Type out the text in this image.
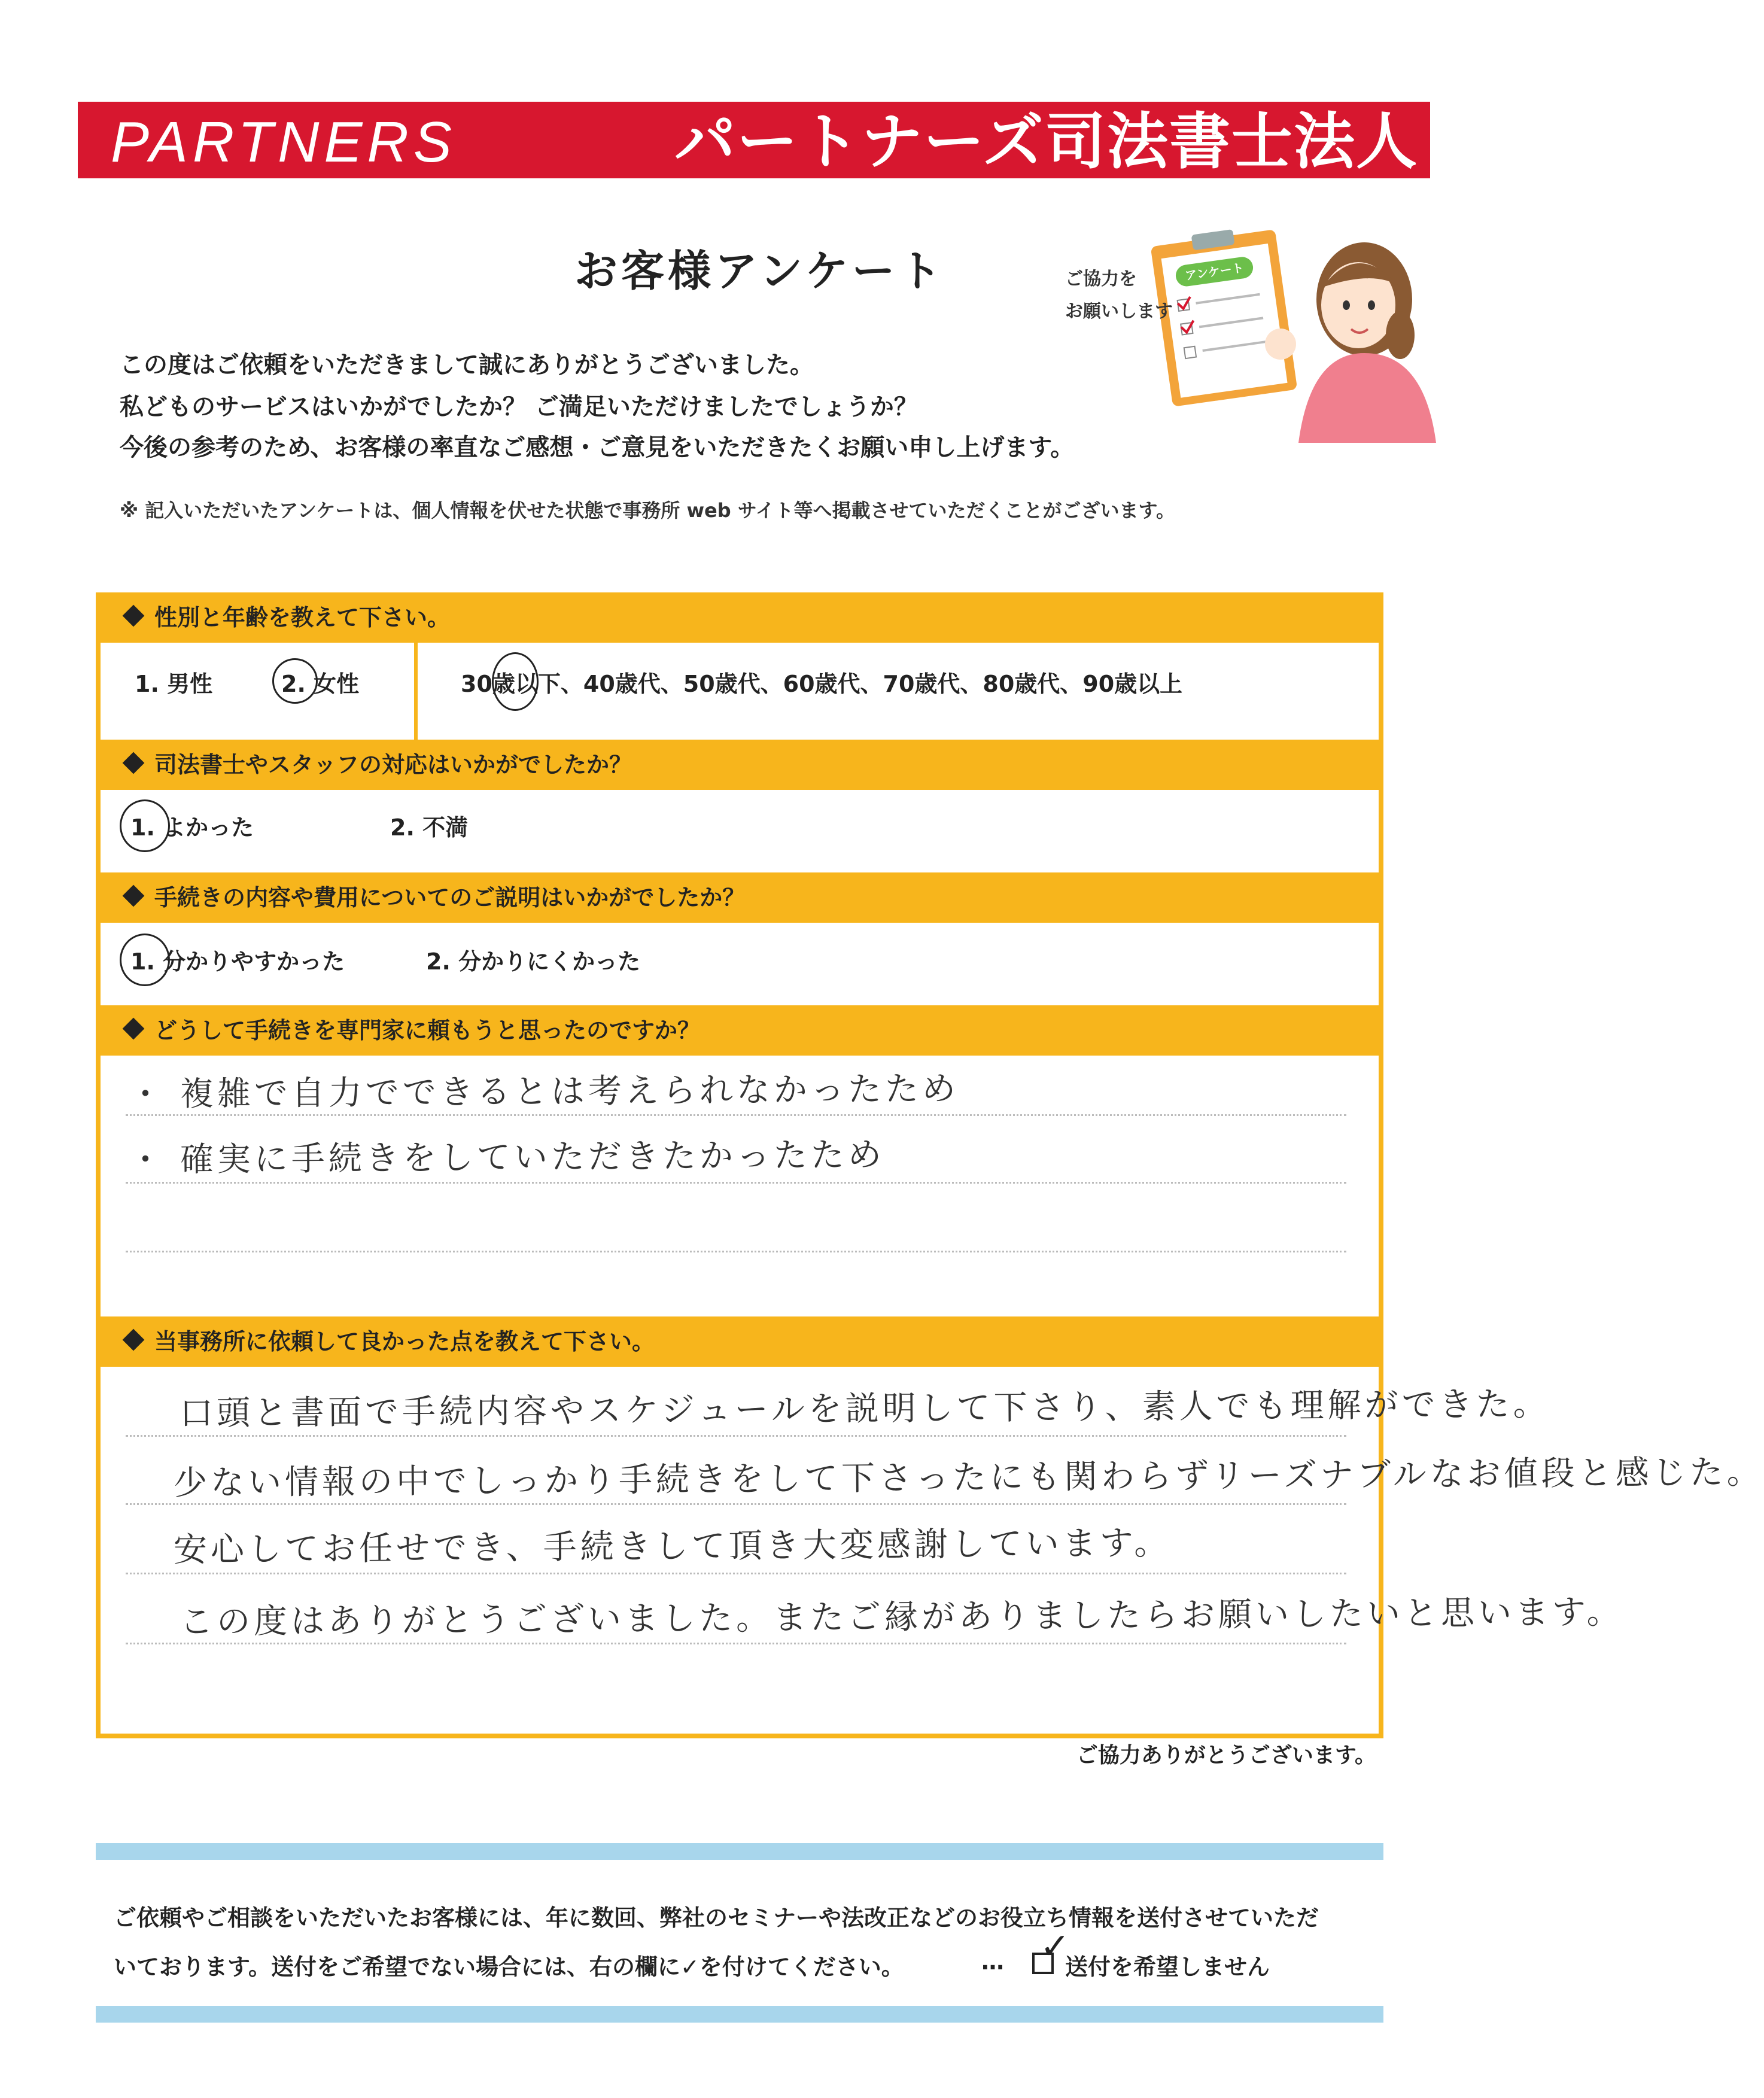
PARTNERS	パートナーズ司法書士法人
お客様アンケート	アンケート
ご協力を
お願いします
この度はご依頼をいただきまして誠にありがとうございました。
私どものサービスはいかがでしたか？ ご満足いただけましたでしょうか？
今後の参考のため、お客様の率直なご感想・ご意見をいただきたくお願い申し上げます。
※ 記入いただいたアンケートは、個人情報を伏せた状態で事務所 web サイト等へ掲載させていただくことがございます。
性別と年齢を教えて下さい。
1. 男性	2. 女性	30歳以下、40歳代、50歳代、60歳代、70歳代、80歳代、90歳以上
司法書士やスタッフの対応はいかがでしたか？
1. よかった	2. 不満
手続きの内容や費用についてのご説明はいかがでしたか？
1. 分かりやすかった	2. 分かりにくかった
どうして手続きを専門家に頼もうと思ったのですか？
・ 複雑で自力でできるとは考えられなかったため
・ 確実に手続きをしていただきたかったため
当事務所に依頼して良かった点を教えて下さい。
口頭と書面で手続内容やスケジュールを説明して下さり、素人でも理解ができた。
少ない情報の中でしっかり手続きをして下さったにも関わらずリーズナブルなお値段と感じた。
安心してお任せでき、手続きして頂き大変感謝しています。
この度はありがとうございました。またご縁がありましたらお願いしたいと思います。
ご協力ありがとうございます。
ご依頼やご相談をいただいたお客様には、年に数回、弊社のセミナーや法改正などのお役立ち情報を送付させていただ
いております。送付をご希望でない場合には、右の欄に✓を付けてください。	… ✓
送付を希望しません
